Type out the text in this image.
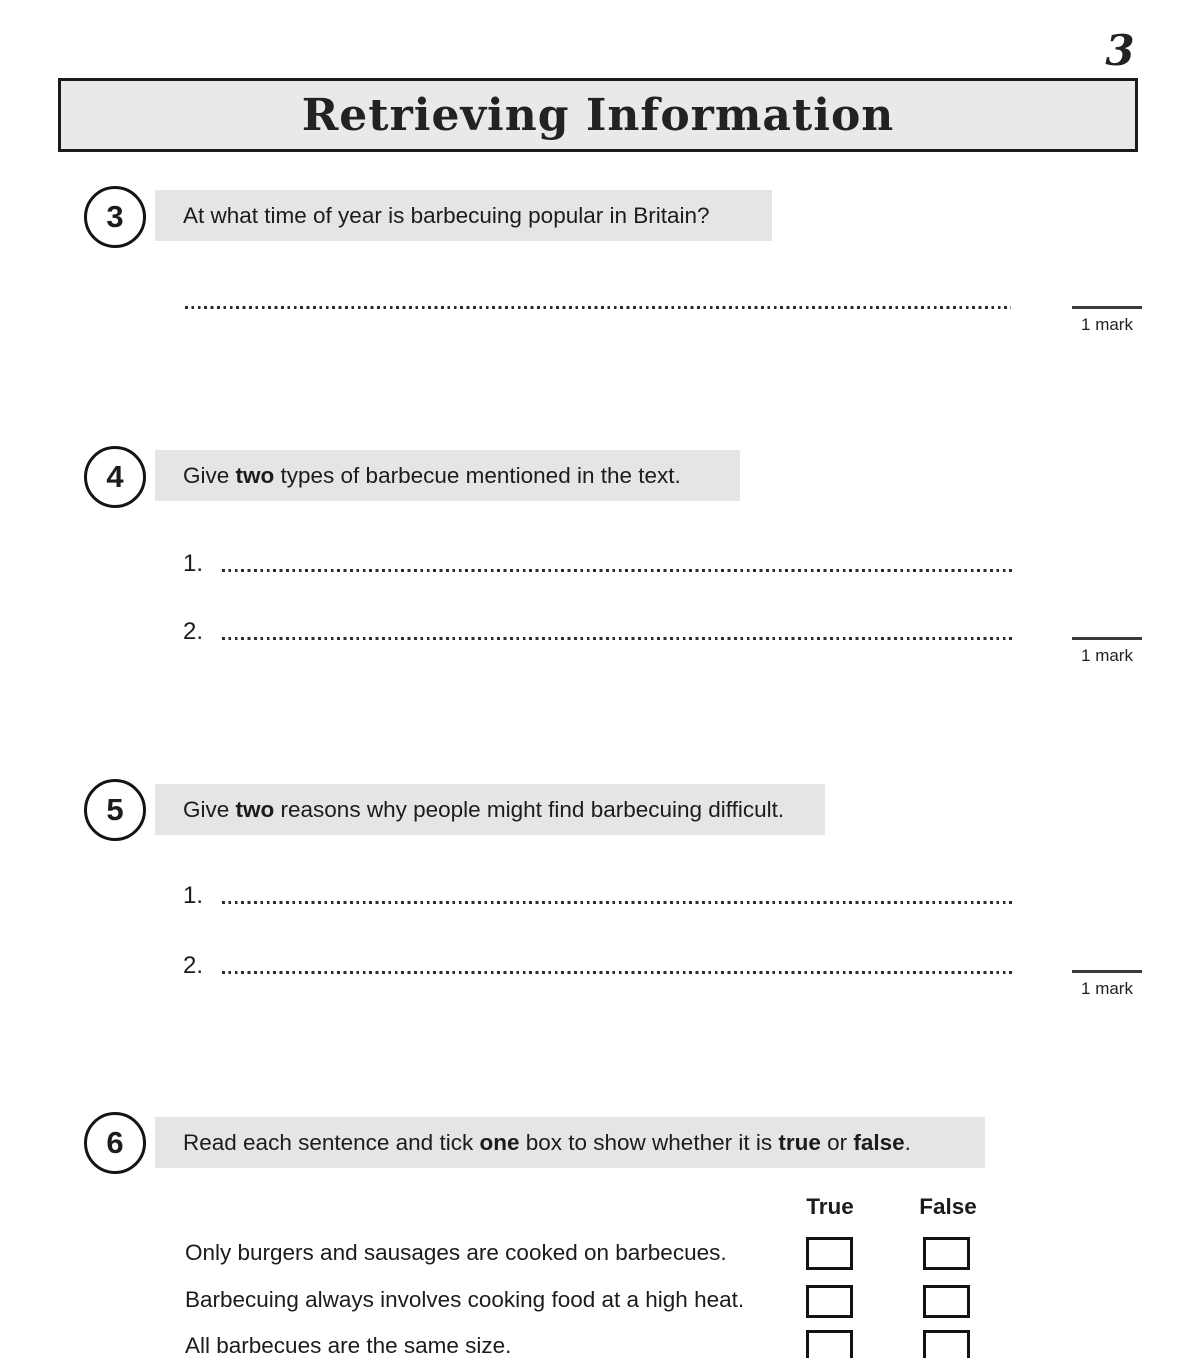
3
Retrieving Information
3	At what time of year is barbecuing popular in Britain?
1 mark
4	Give two types of barbecue mentioned in the text.
1.
2.
1 mark
5	Give two reasons why people might find barbecuing difficult.
1.
2.
1 mark
6	Read each sentence and tick one box to show whether it is true or false.
True	False
Only burgers and sausages are cooked on barbecues.
Barbecuing always involves cooking food at a high heat.
All barbecues are the same size.
